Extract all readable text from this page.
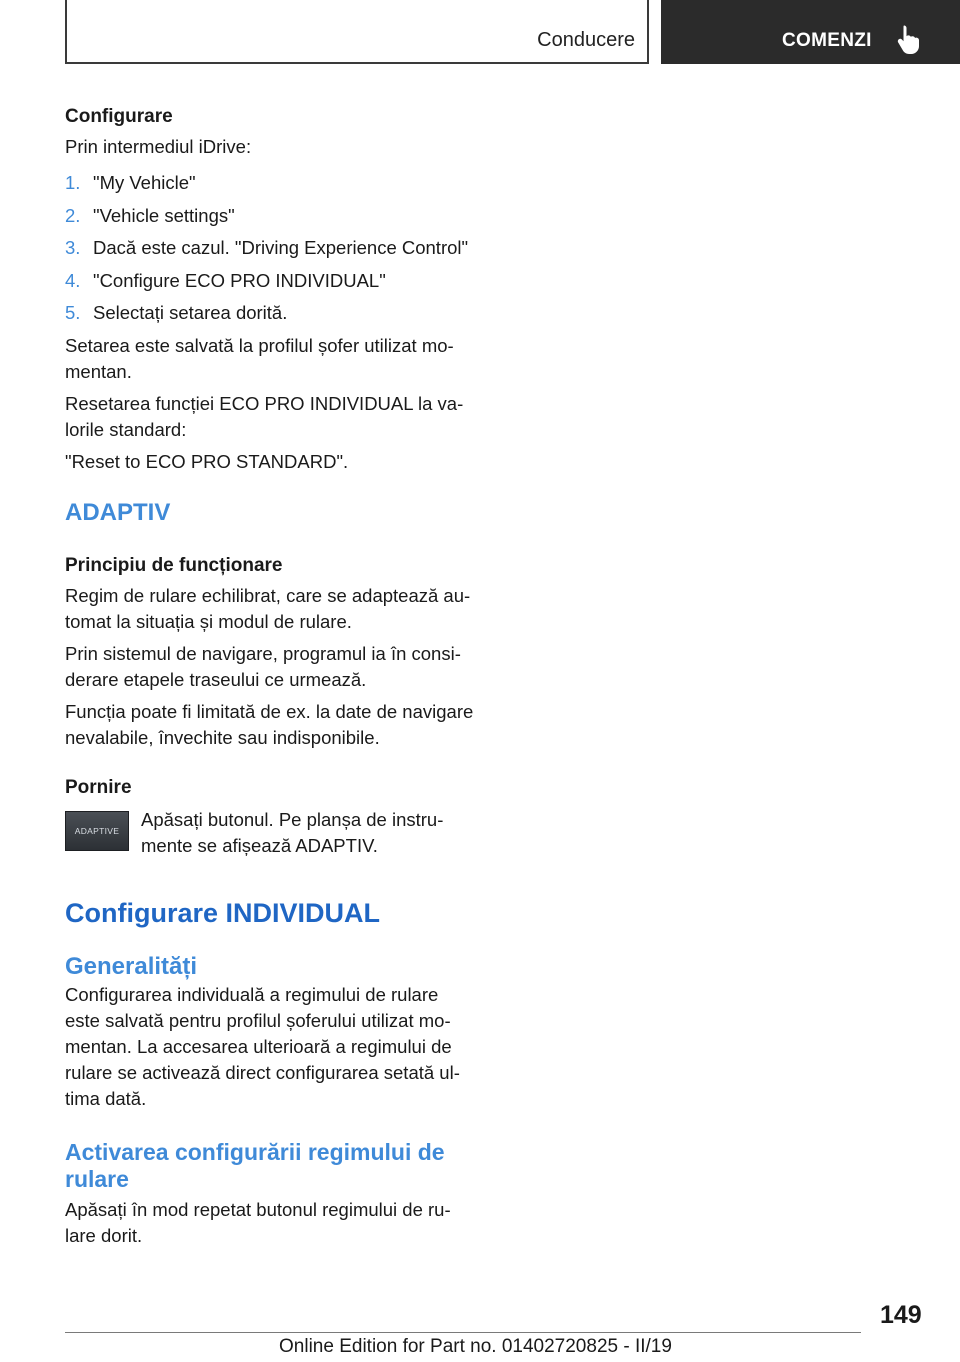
Conducere	COMENZI
Configurare
Prin intermediul iDrive:
1. "My Vehicle"
2. "Vehicle settings"
3. Dacă este cazul. "Driving Experience Control"
4. "Configure ECO PRO INDIVIDUAL"
5. Selectați setarea dorită.
Setarea este salvată la profilul șofer utilizat mo-
mentan.
Resetarea funcției ECO PRO INDIVIDUAL la va-
lorile standard:
"Reset to ECO PRO STANDARD".
ADAPTIV
Principiu de funcționare
Regim de rulare echilibrat, care se adaptează au-
tomat la situația și modul de rulare.
Prin sistemul de navigare, programul ia în consi-
derare etapele traseului ce urmează.
Funcția poate fi limitată de ex. la date de navigare
nevalabile, învechite sau indisponibile.
Pornire
ADAPTIVE
Apăsați butonul. Pe planșa de instru-
mente se afișează ADAPTIV.
Configurare INDIVIDUAL
Generalități
Configurarea individuală a regimului de rulare
este salvată pentru profilul șoferului utilizat mo-
mentan. La accesarea ulterioară a regimului de
rulare se activează direct configurarea setată ul-
tima dată.
Activarea configurării regimului de
rulare
Apăsați în mod repetat butonul regimului de ru-
lare dorit.
149
Online Edition for Part no. 01402720825 - II/19
